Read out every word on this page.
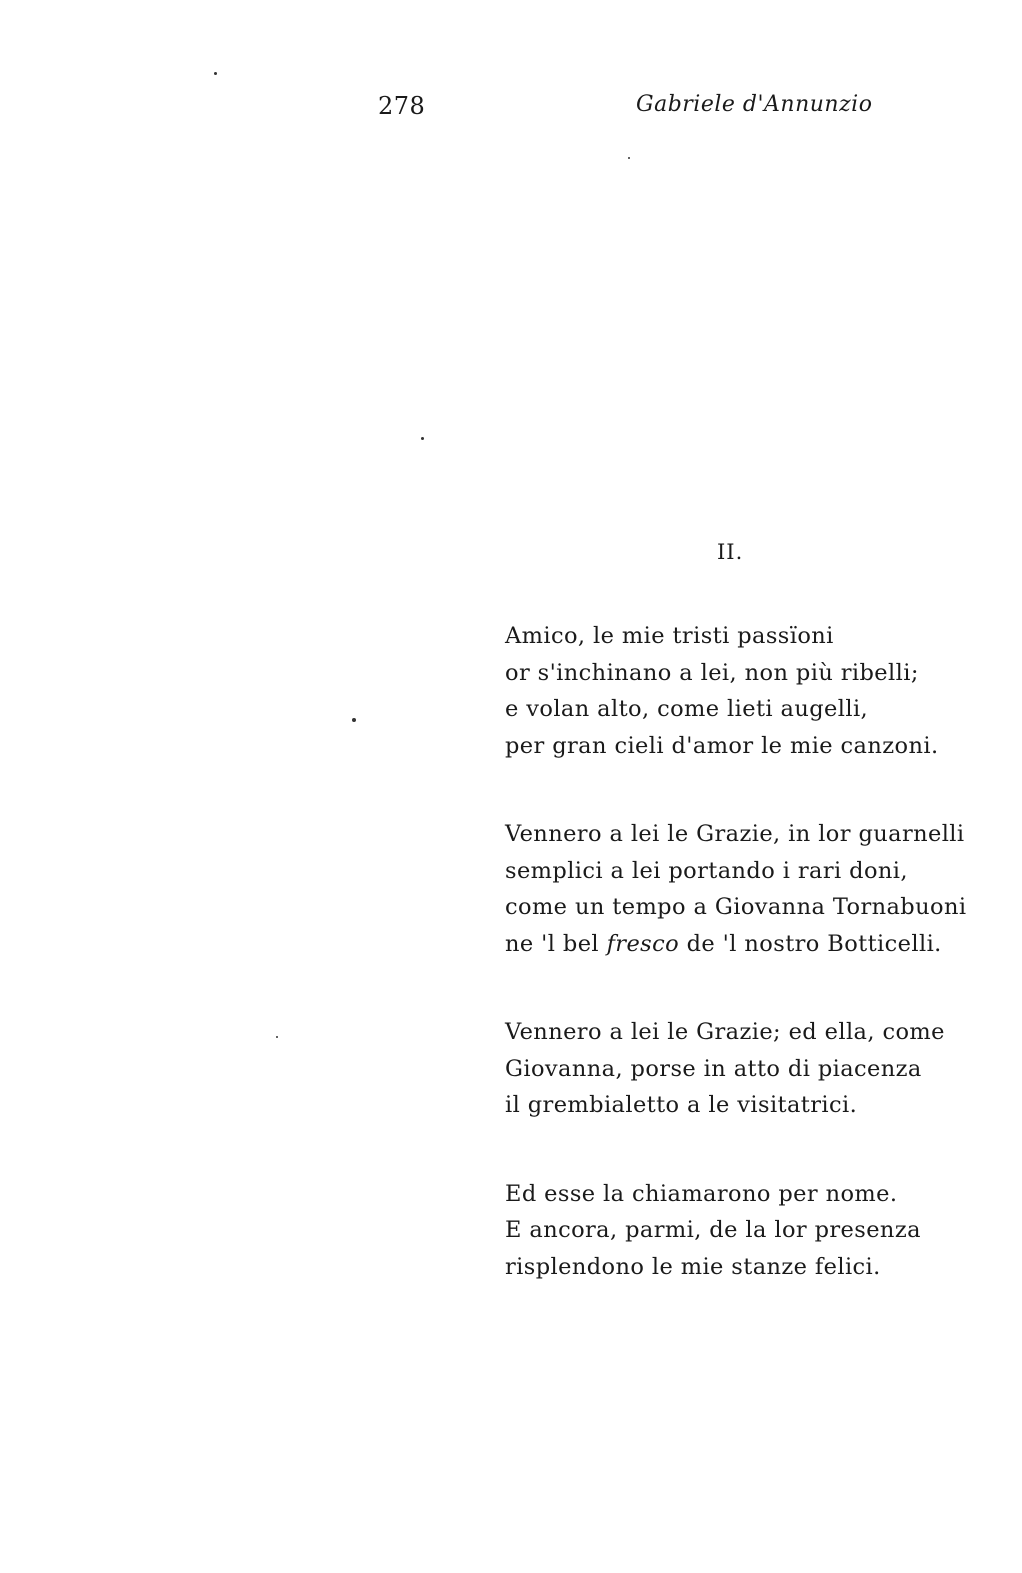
278	Gabriele d'Annunzio
II.
Amico, le mie tristi passïoni
or s'inchinano a lei, non più ribelli;
e volan alto, come lieti augelli,
per gran cieli d'amor le mie canzoni.
Vennero a lei le Grazie, in lor guarnelli
semplici a lei portando i rari doni,
come un tempo a Giovanna Tornabuoni
ne 'l bel fresco de 'l nostro Botticelli.
Vennero a lei le Grazie; ed ella, come
Giovanna, porse in atto di piacenza
il grembialetto a le visitatrici.
Ed esse la chiamarono per nome.
E ancora, parmi, de la lor presenza
risplendono le mie stanze felici.
